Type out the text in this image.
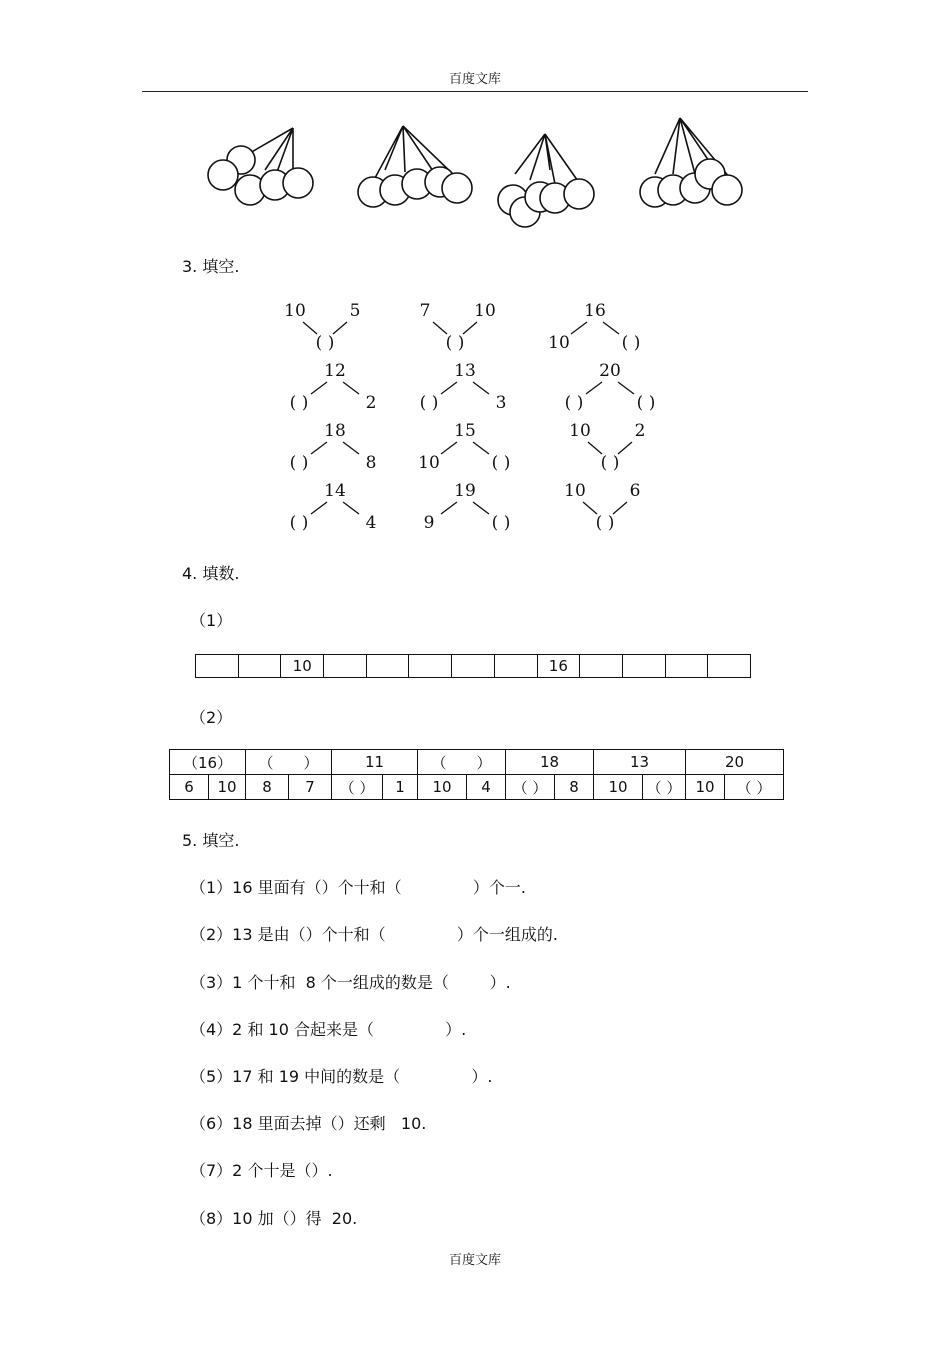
百度文库
3. 填空.
10	5
( )
7	10
( )
16
10	( )
12
( )	2
13
( )	3
20
( )	( )
18
( )	8
15
10	( )
10	2
( )
14
( )	4
19
9	( )
10	6
( )
4. 填数.
（1）
		10						16				
（2）
（16）		（　　）		11		（　　）		18		13		20	
6	10	8	7	（ ）	1	10	4	（ ）	8	10	（ ）	10	（ ）
5. 填空.
（1）16 里面有（）个十和（              ）个一.
（2）13 是由（）个十和（              ）个一组成的.
（3）1 个十和  8 个一组成的数是（        ）.
（4）2 和 10 合起来是（              ）.
（5）17 和 19 中间的数是（              ）.
（6）18 里面去掉（）还剩   10.
（7）2 个十是（）.
（8）10 加（）得  20.
百度文库
